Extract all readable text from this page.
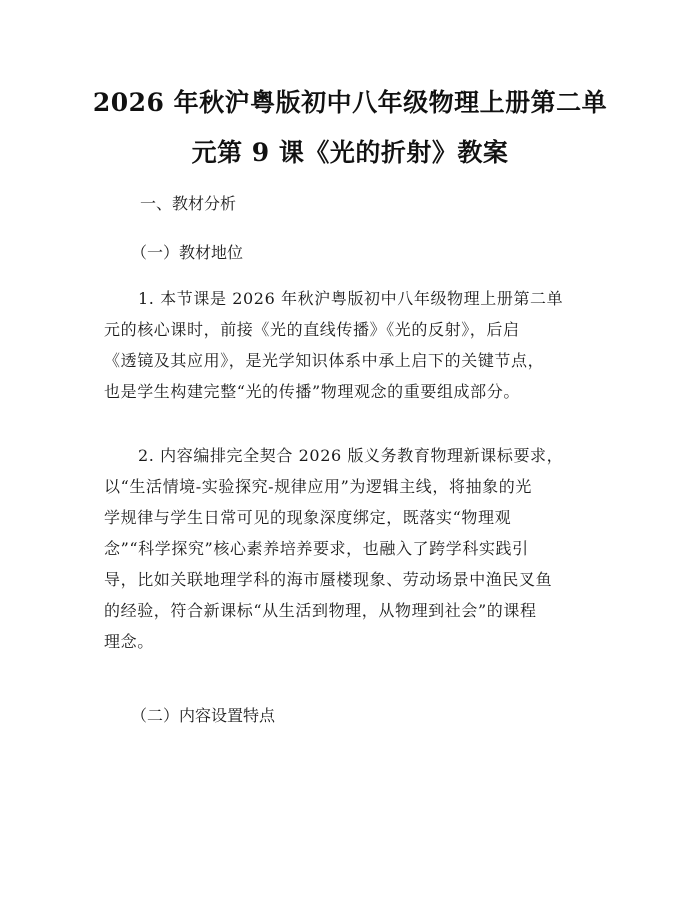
2026 年秋沪粤版初中八年级物理上册第二单
元第 9 课《光的折射》教案

一、教材分析

（一）教材地位

1. 本节课是 2026 年秋沪粤版初中八年级物理上册第二单
元的核心课时，前接《光的直线传播》《光的反射》，后启
《透镜及其应用》，是光学知识体系中承上启下的关键节点，
也是学生构建完整“光的传播”物理观念的重要组成部分。
2. 内容编排完全契合 2026 版义务教育物理新课标要求，
以“生活情境-实验探究-规律应用”为逻辑主线，将抽象的光
学规律与学生日常可见的现象深度绑定，既落实“物理观
念”“科学探究”核心素养培养要求，也融入了跨学科实践引
导，比如关联地理学科的海市蜃楼现象、劳动场景中渔民叉鱼
的经验，符合新课标“从生活到物理，从物理到社会”的课程
理念。

（二）内容设置特点
